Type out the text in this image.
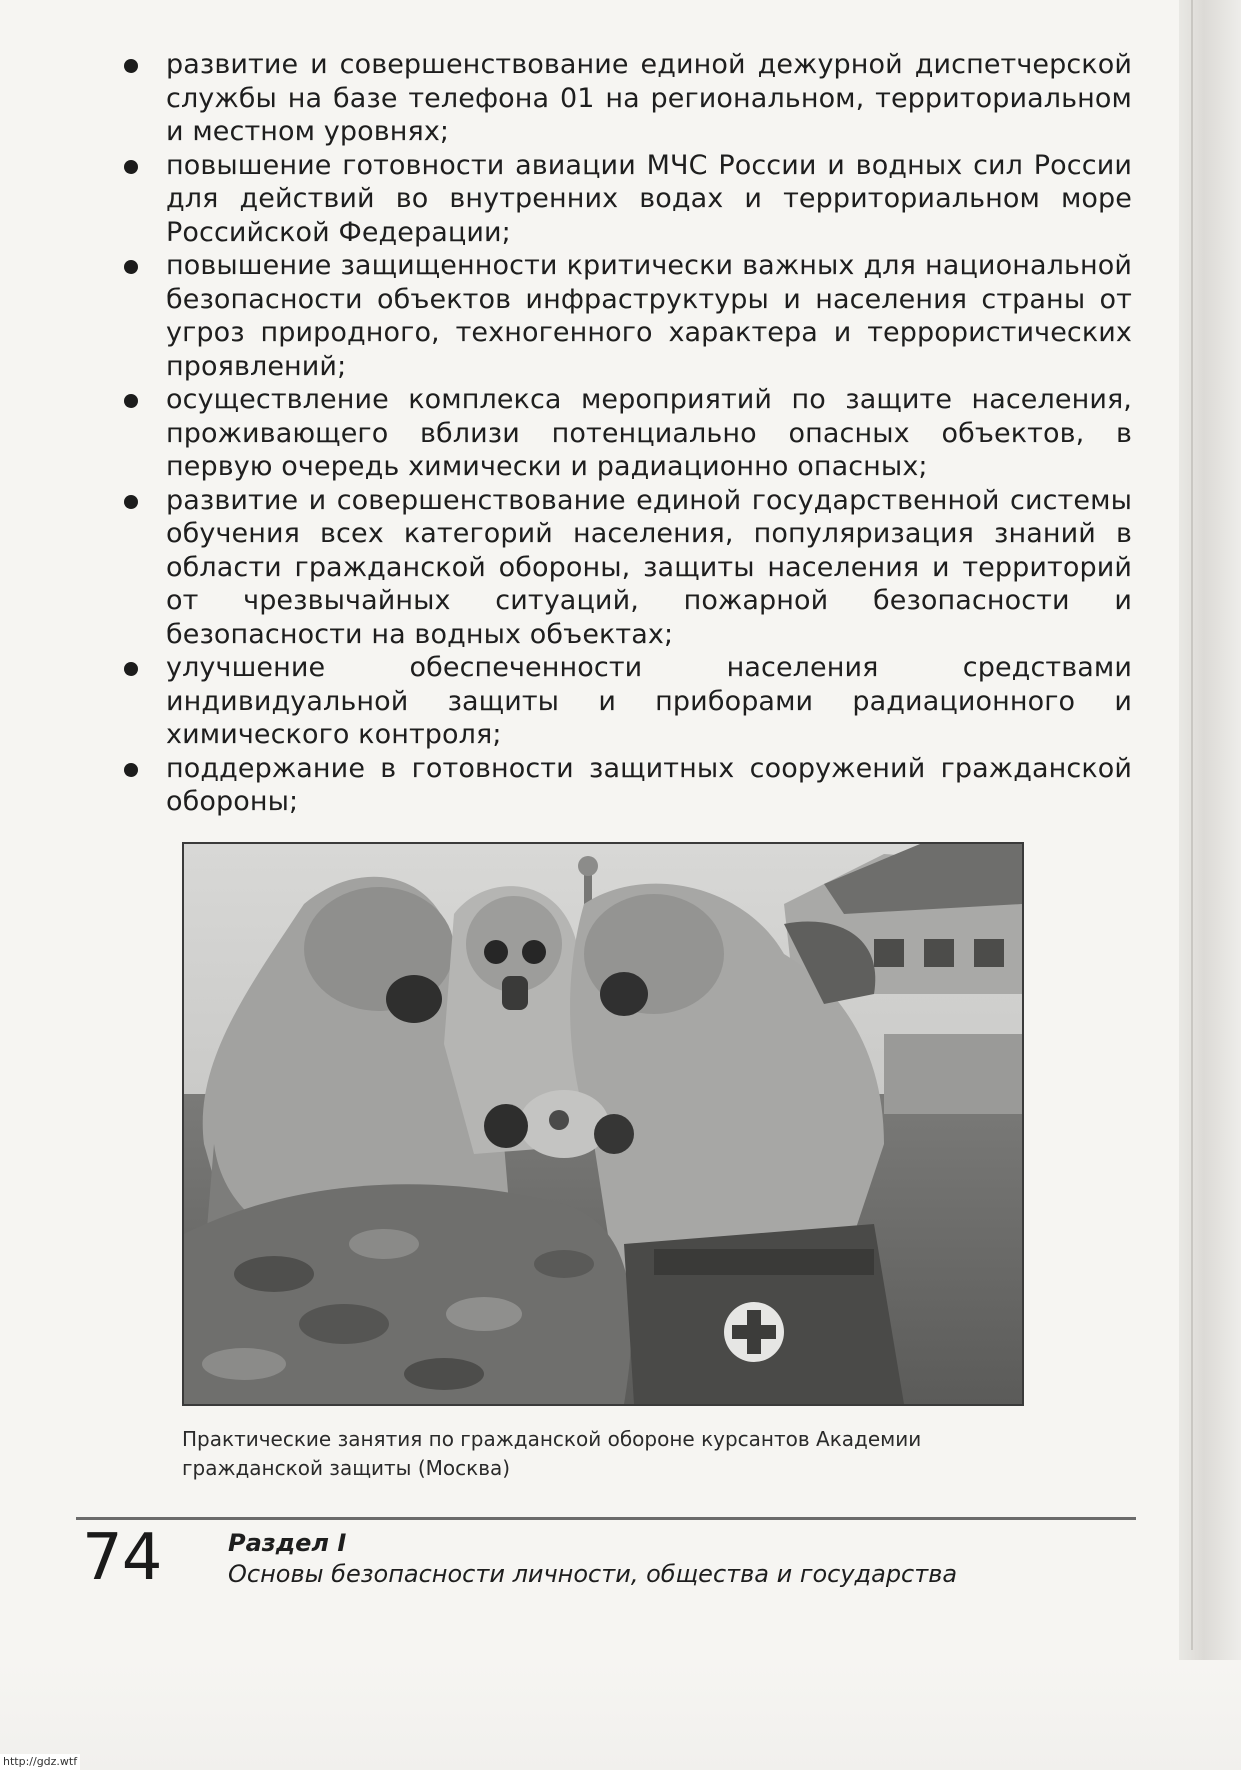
развитие и совершенствование единой дежурной диспетчерской службы на базе телефона 01 на региональном, территориальном и местном уровнях;
повышение готовности авиации МЧС России и водных сил России для действий во внутренних водах и территориальном море Российской Федерации;
повышение защищенности критически важных для национальной безопасности объектов инфраструктуры и населения страны от угроз природного, техногенного характера и террористических проявлений;
осуществление комплекса мероприятий по защите населения, проживающего вблизи потенциально опасных объектов, в первую очередь химически и радиационно опасных;
развитие и совершенствование единой государственной системы обучения всех категорий населения, популяризация знаний в области гражданской обороны, защиты населения и территорий от чрезвычайных ситуаций, пожарной безопасности и безопасности на водных объектах;
улучшение обеспеченности населения средствами индивидуальной защиты и приборами радиационного и химического контроля;
поддержание в готовности защитных сооружений гражданской обороны;

Практические занятия по гражданской обороне курсантов Академии гражданской защиты (Москва)

74	Раздел I
Основы безопасности личности, общества и государства
http://gdz.wtf
